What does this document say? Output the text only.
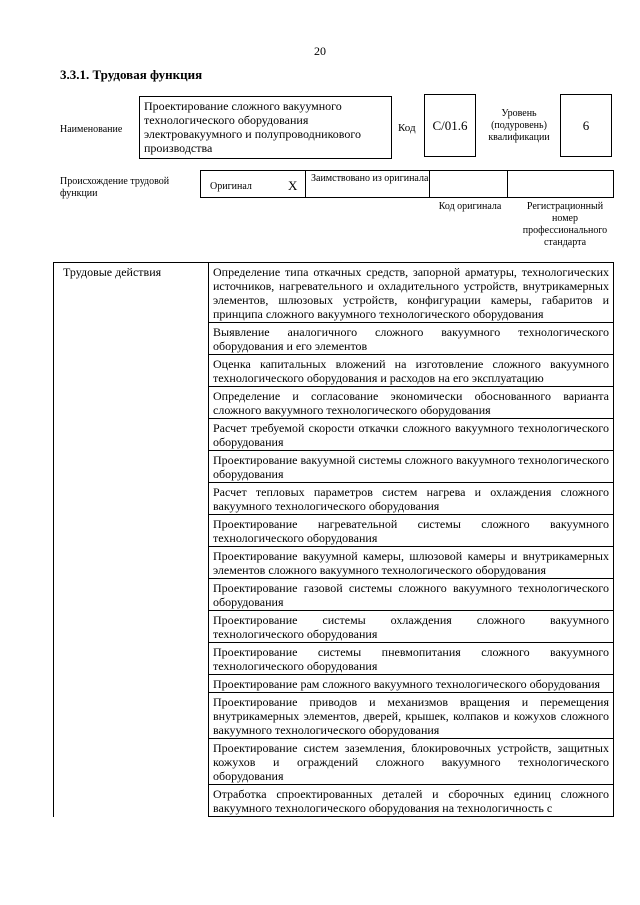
20
3.3.1. Трудовая функция
Наименование
Проектирование сложного вакуумного технологического оборудования электровакуумного и полупроводникового производства
Код C/01.6
Уровень (подуровень) квалификации
6
Происхождение трудовой функции
Оригинал	X Заимствовано из оригинала
Код оригинала	Регистрационный номер профессионального стандарта
Трудовые действия	Определение типа откачных средств, запорной арматуры, технологических источников, нагревательного и охладительного устройств, внутрикамерных элементов, шлюзовых устройств, конфигурации камеры, габаритов и принципа сложного вакуумного технологического оборудования
Выявление аналогичного сложного вакуумного технологического оборудования и его элементов
Оценка капитальных вложений на изготовление сложного вакуумного технологического оборудования и расходов на его эксплуатацию
Определение и согласование экономически обоснованного варианта сложного вакуумного технологического оборудования
Расчет требуемой скорости откачки сложного вакуумного технологического оборудования
Проектирование вакуумной системы сложного вакуумного технологического оборудования
Расчет тепловых параметров систем нагрева и охлаждения сложного вакуумного технологического оборудования
Проектирование нагревательной системы сложного вакуумного технологического оборудования
Проектирование вакуумной камеры, шлюзовой камеры и внутрикамерных элементов сложного вакуумного технологического оборудования
Проектирование газовой системы сложного вакуумного технологического оборудования
Проектирование системы охлаждения сложного вакуумного технологического оборудования
Проектирование системы пневмопитания сложного вакуумного технологического оборудования
Проектирование рам сложного вакуумного технологического оборудования
Проектирование приводов и механизмов вращения и перемещения внутрикамерных элементов, дверей, крышек, колпаков и кожухов сложного вакуумного технологического оборудования
Проектирование систем заземления, блокировочных устройств, защитных кожухов и ограждений сложного вакуумного технологического оборудования
Отработка спроектированных деталей и сборочных единиц сложного вакуумного технологического оборудования на технологичность с
